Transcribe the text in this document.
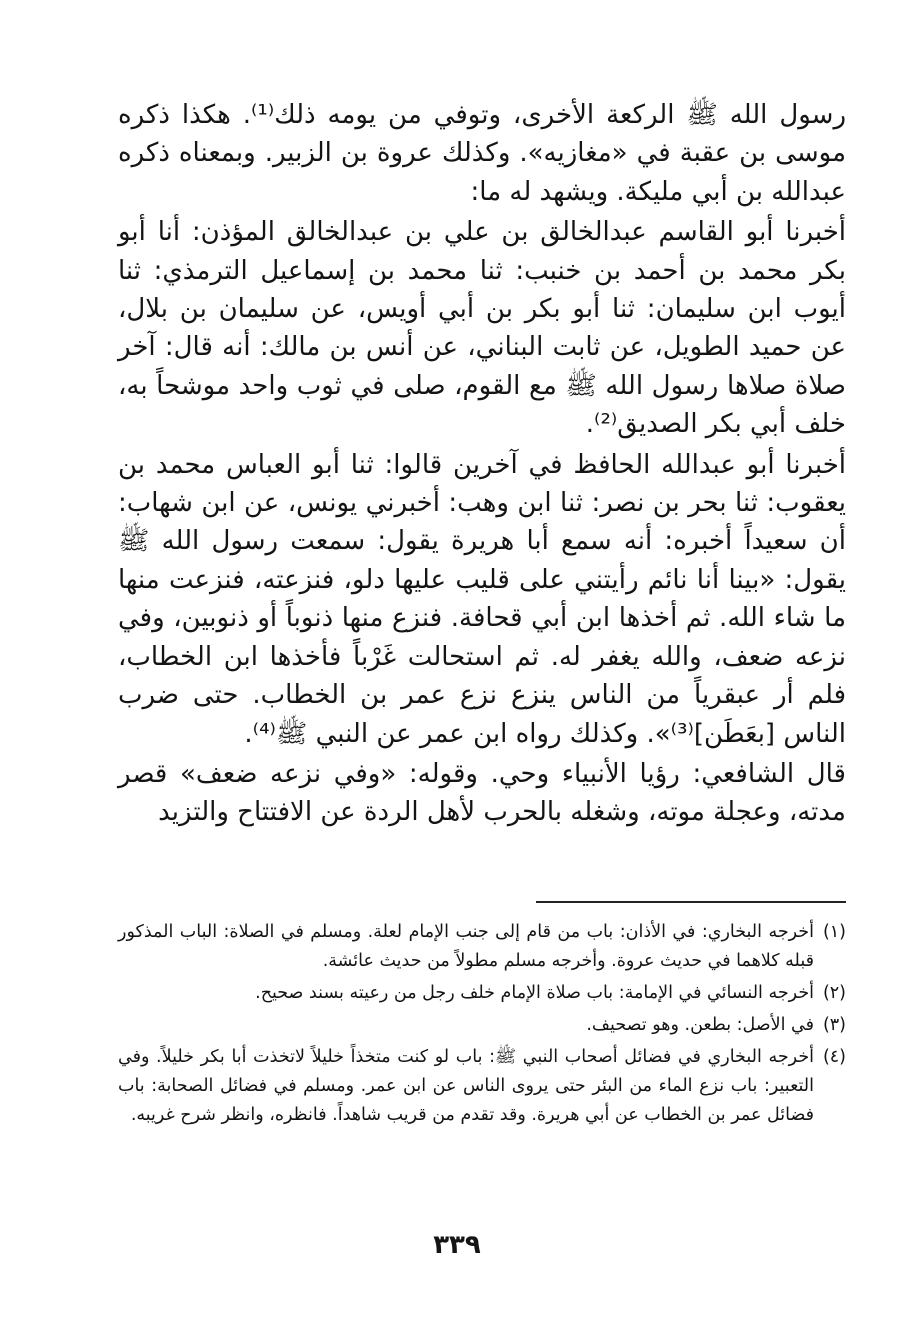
رسول الله ﷺ الركعة الأخرى، وتوفي من يومه ذلك⁽¹⁾. هكذا ذكره موسى بن عقبة في «مغازيه». وكذلك عروة بن الزبير. وبمعناه ذكره عبدالله بن أبي مليكة. ويشهد له ما:

أخبرنا أبو القاسم عبدالخالق بن علي بن عبدالخالق المؤذن: أنا أبو بكر محمد بن أحمد بن خنبب: ثنا محمد بن إسماعيل الترمذي: ثنا أيوب ابن سليمان: ثنا أبو بكر بن أبي أويس، عن سليمان بن بلال، عن حميد الطويل، عن ثابت البناني، عن أنس بن مالك: أنه قال: آخر صلاة صلاها رسول الله ﷺ مع القوم، صلى في ثوب واحد موشحاً به، خلف أبي بكر الصديق⁽²⁾.

أخبرنا أبو عبدالله الحافظ في آخرين قالوا: ثنا أبو العباس محمد بن يعقوب: ثنا بحر بن نصر: ثنا ابن وهب: أخبرني يونس، عن ابن شهاب: أن سعيداً أخبره: أنه سمع أبا هريرة يقول: سمعت رسول الله ﷺ يقول: «بينا أنا نائم رأيتني على قليب عليها دلو، فنزعته، فنزعت منها ما شاء الله. ثم أخذها ابن أبي قحافة. فنزع منها ذنوباً أو ذنوبين، وفي نزعه ضعف، والله يغفر له. ثم استحالت غَرْباً فأخذها ابن الخطاب، فلم أر عبقرياً من الناس ينزع نزع عمر بن الخطاب. حتى ضرب الناس [بعَطَن]⁽³⁾». وكذلك رواه ابن عمر عن النبي ﷺ⁽⁴⁾.

قال الشافعي: رؤيا الأنبياء وحي. وقوله: «وفي نزعه ضعف» قصر مدته، وعجلة موته، وشغله بالحرب لأهل الردة عن الافتتاح والتزيد

(١)
أخرجه البخاري: في الأذان: باب من قام إلى جنب الإمام لعلة. ومسلم في الصلاة: الباب المذكور قبله كلاهما في حديث عروة. وأخرجه مسلم مطولاً من حديث عائشة.
(٢)
أخرجه النسائي في الإمامة: باب صلاة الإمام خلف رجل من رعيته بسند صحيح.
(٣)
في الأصل: بطعن. وهو تصحيف.
(٤)
أخرجه البخاري في فضائل أصحاب النبي ﷺ: باب لو كنت متخذاً خليلاً لاتخذت أبا بكر خليلاً. وفي التعبير: باب نزع الماء من البئر حتى يروى الناس عن ابن عمر. ومسلم في فضائل الصحابة: باب فضائل عمر بن الخطاب عن أبي هريرة. وقد تقدم من قريب شاهداً. فانظره، وانظر شرح غريبه.
٣٣٩
